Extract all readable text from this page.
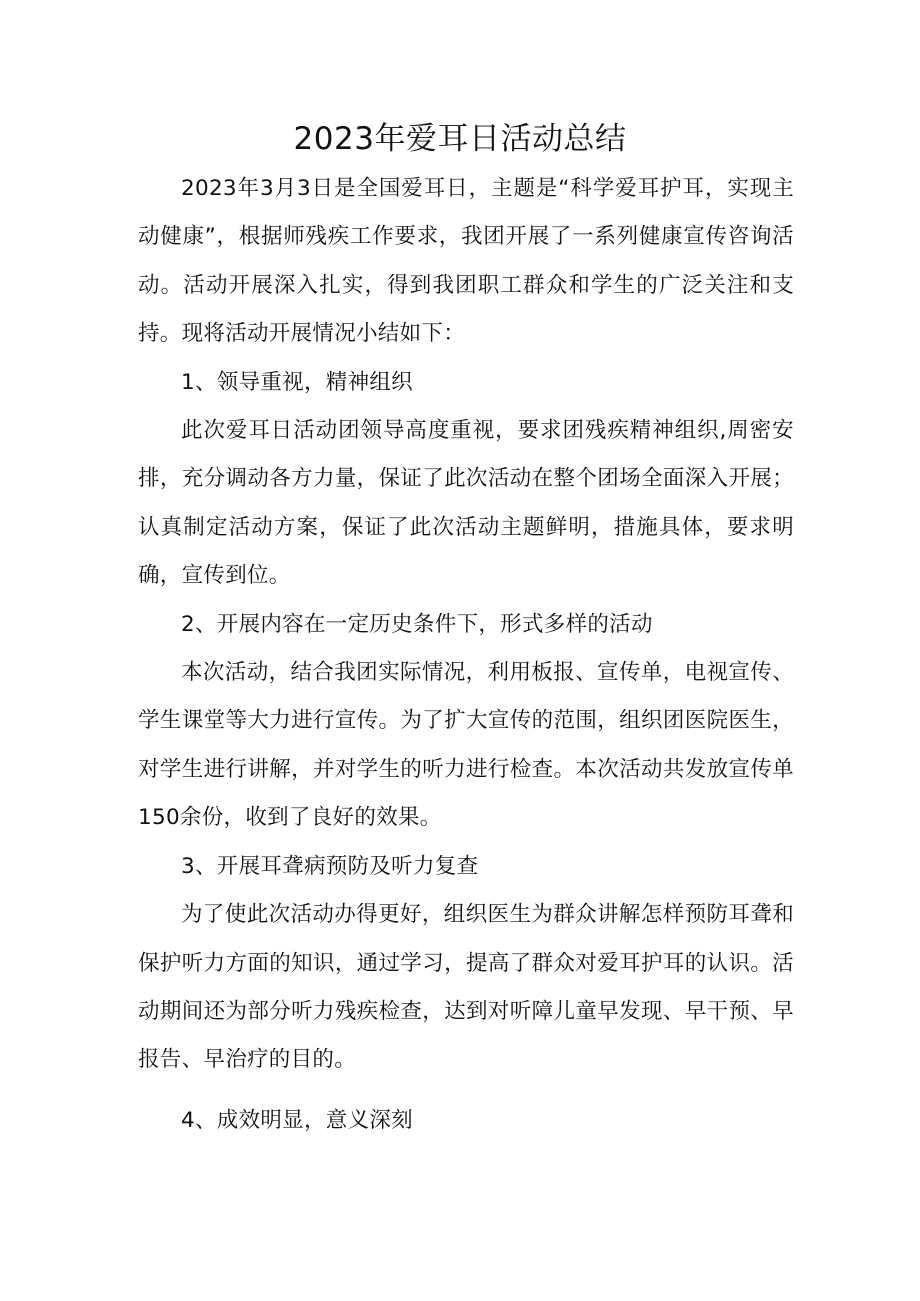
2023年爱耳日活动总结

2023年3月3日是全国爱耳日，主题是“科学爱耳护耳，实现主动健康”，根据师残疾工作要求，我团开展了一系列健康宣传咨询活动。活动开展深入扎实，得到我团职工群众和学生的广泛关注和支持。现将活动开展情况小结如下：

1、领导重视，精神组织

此次爱耳日活动团领导高度重视，要求团残疾精神组织,周密安排，充分调动各方力量，保证了此次活动在整个团场全面深入开展；认真制定活动方案，保证了此次活动主题鲜明，措施具体，要求明确，宣传到位。

2、开展内容在一定历史条件下，形式多样的活动

本次活动，结合我团实际情况，利用板报、宣传单，电视宣传、学生课堂等大力进行宣传。为了扩大宣传的范围，组织团医院医生，对学生进行讲解，并对学生的听力进行检查。本次活动共发放宣传单150余份，收到了良好的效果。

3、开展耳聋病预防及听力复查

为了使此次活动办得更好，组织医生为群众讲解怎样预防耳聋和保护听力方面的知识，通过学习，提高了群众对爱耳护耳的认识。活动期间还为部分听力残疾检查，达到对听障儿童早发现、早干预、早报告、早治疗的目的。

4、成效明显，意义深刻
